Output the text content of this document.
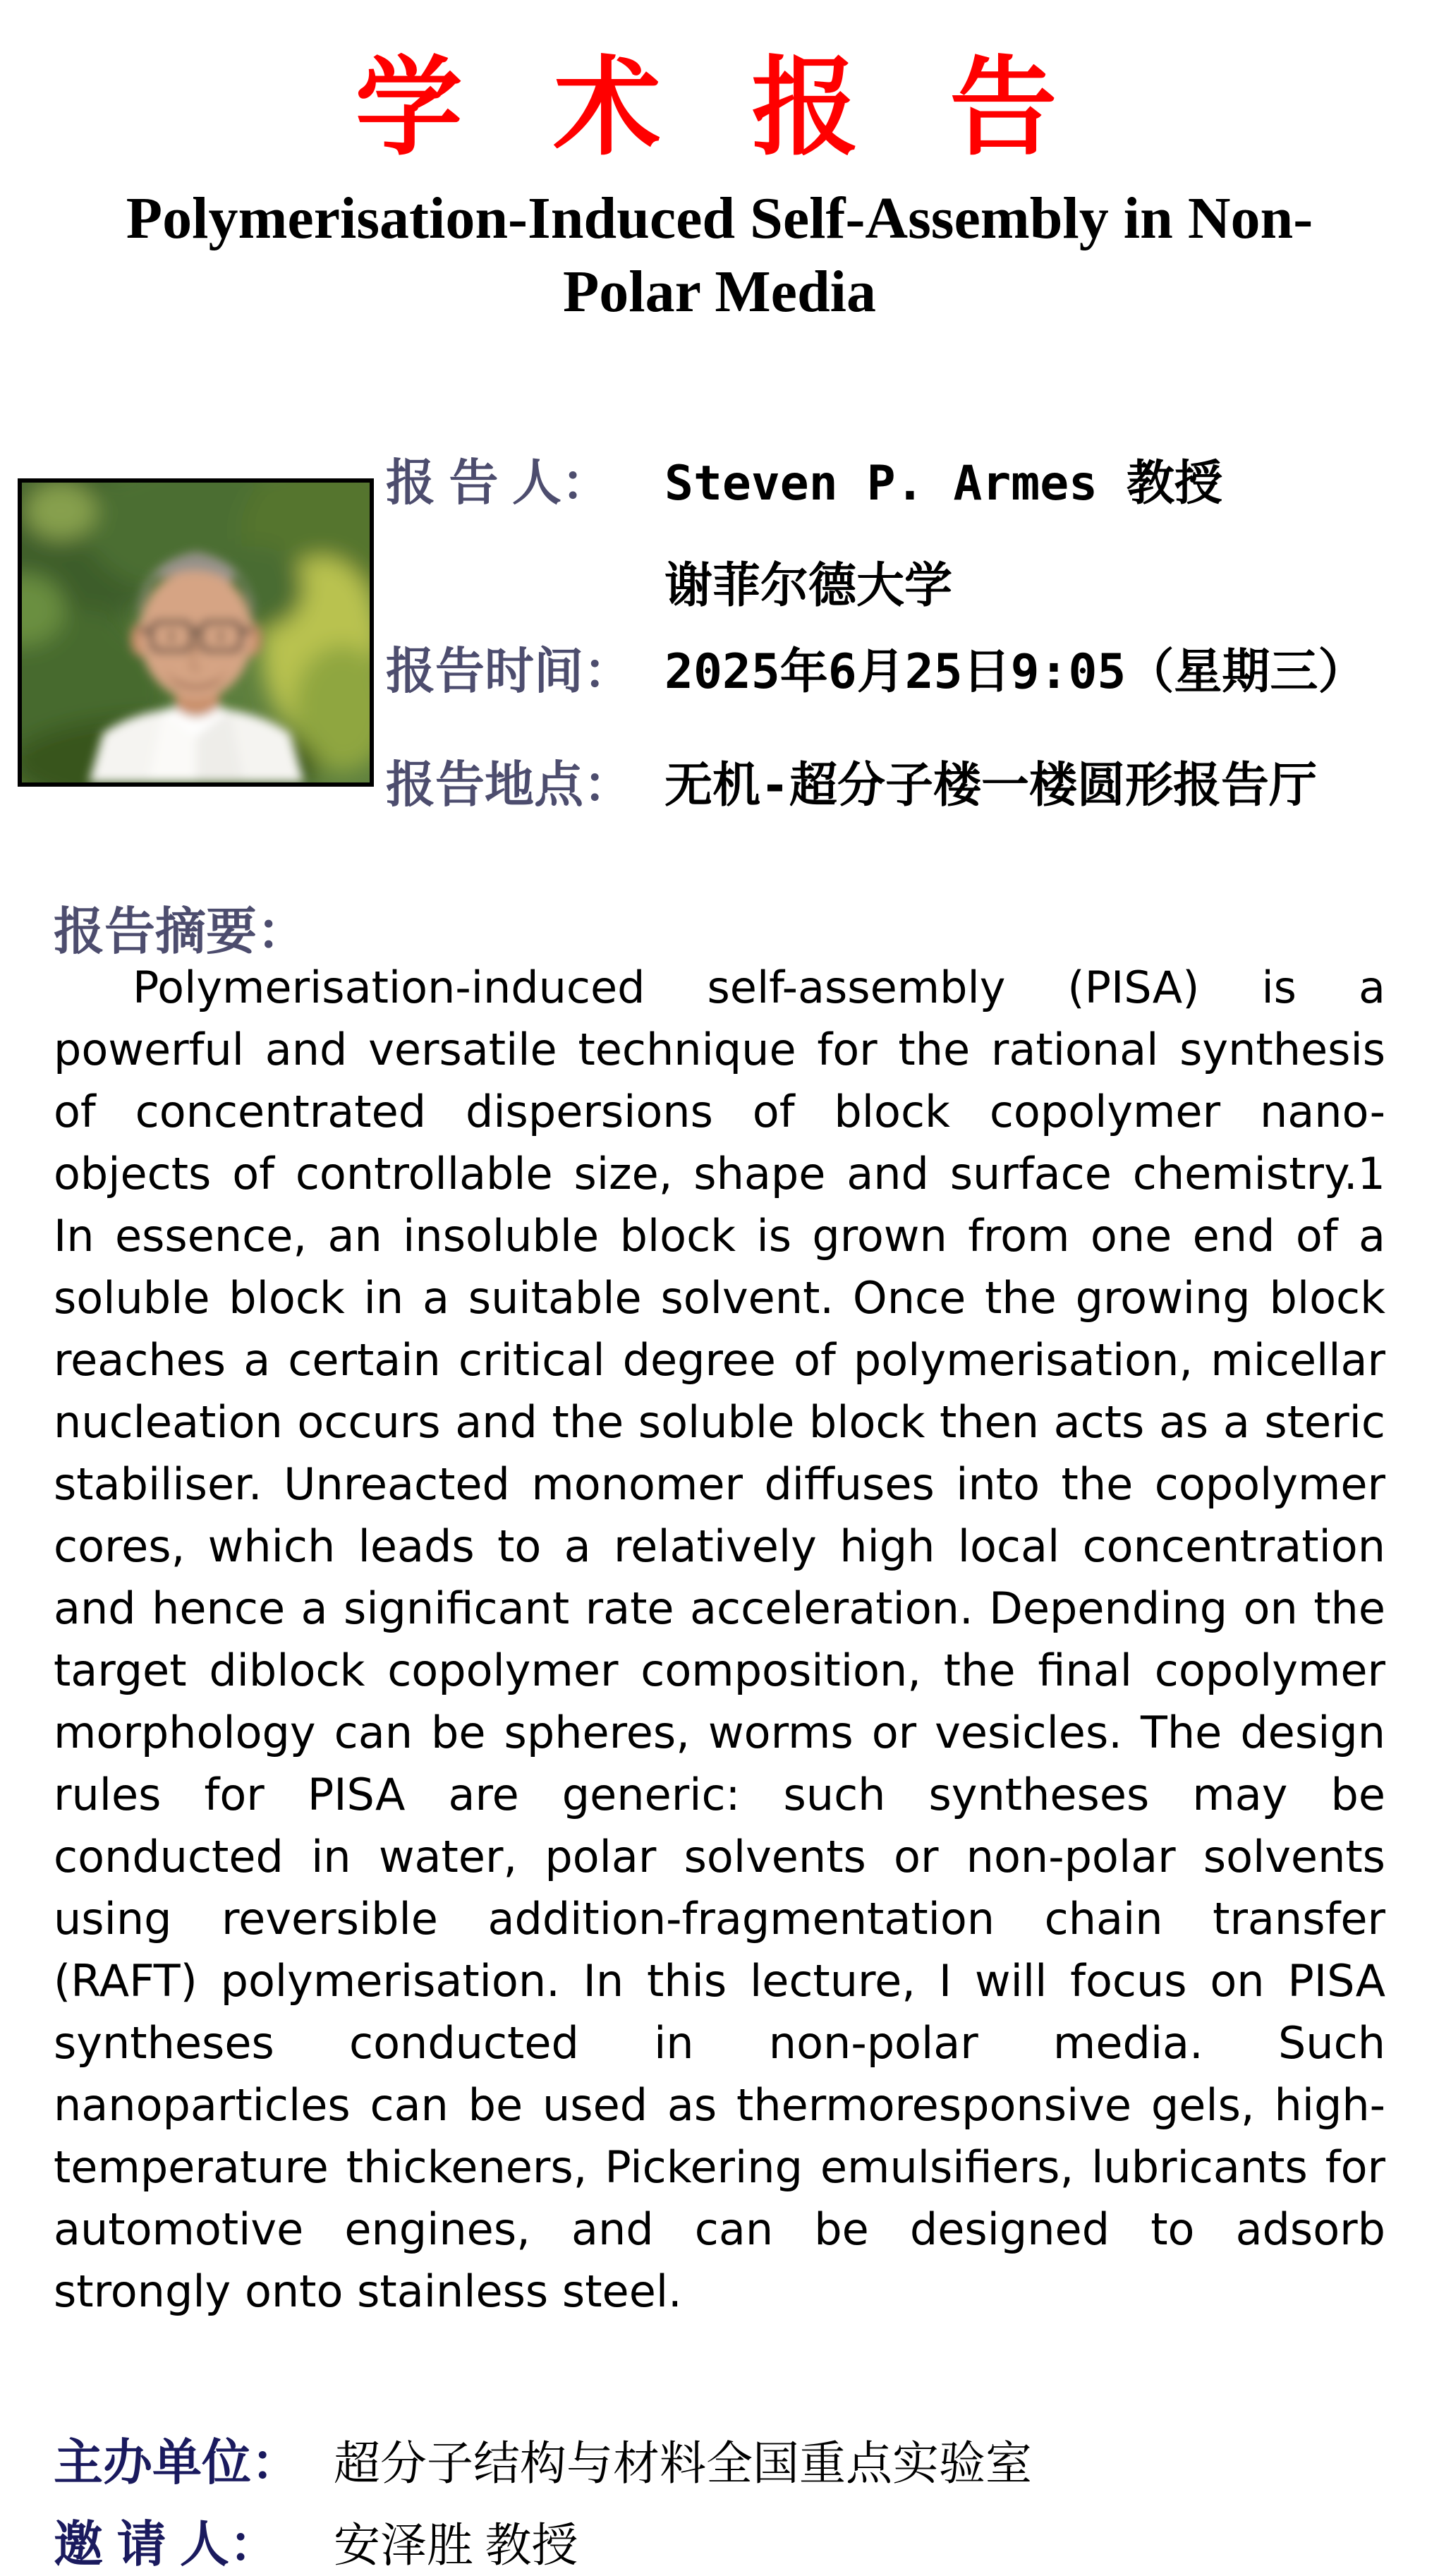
学 术 报 告
Polymerisation-Induced Self-Assembly in Non-
Polar Media
报 告 人： Steven P. Armes 教授
谢菲尔德大学
报告时间： 2025年6月25日9:05（星期三）
报告地点： 无机-超分子楼一楼圆形报告厅
报告摘要：
Polymerisation-induced self-assembly (PISA) is a powerful and versatile technique for the rational synthesis of concentrated dispersions of block copolymer nano-objects of controllable size, shape and surface chemistry.1 In essence, an insoluble block is grown from one end of a soluble block in a suitable solvent. Once the growing block reaches a certain critical degree of polymerisation, micellar nucleation occurs and the soluble block then acts as a steric stabiliser. Unreacted monomer diffuses into the copolymer cores, which leads to a relatively high local concentration and hence a significant rate acceleration. Depending on the target diblock copolymer composition, the final copolymer morphology can be spheres, worms or vesicles. The design rules for PISA are generic: such syntheses may be conducted in water, polar solvents or non-polar solvents using reversible addition-fragmentation chain transfer (RAFT) polymerisation. In this lecture, I will focus on PISA syntheses conducted in non-polar media. Such nanoparticles can be used as thermoresponsive gels, high-temperature thickeners, Pickering emulsifiers, lubricants for automotive engines, and can be designed to adsorb strongly onto stainless steel.
主办单位： 超分子结构与材料全国重点实验室
邀 请 人： 安泽胜 教授
